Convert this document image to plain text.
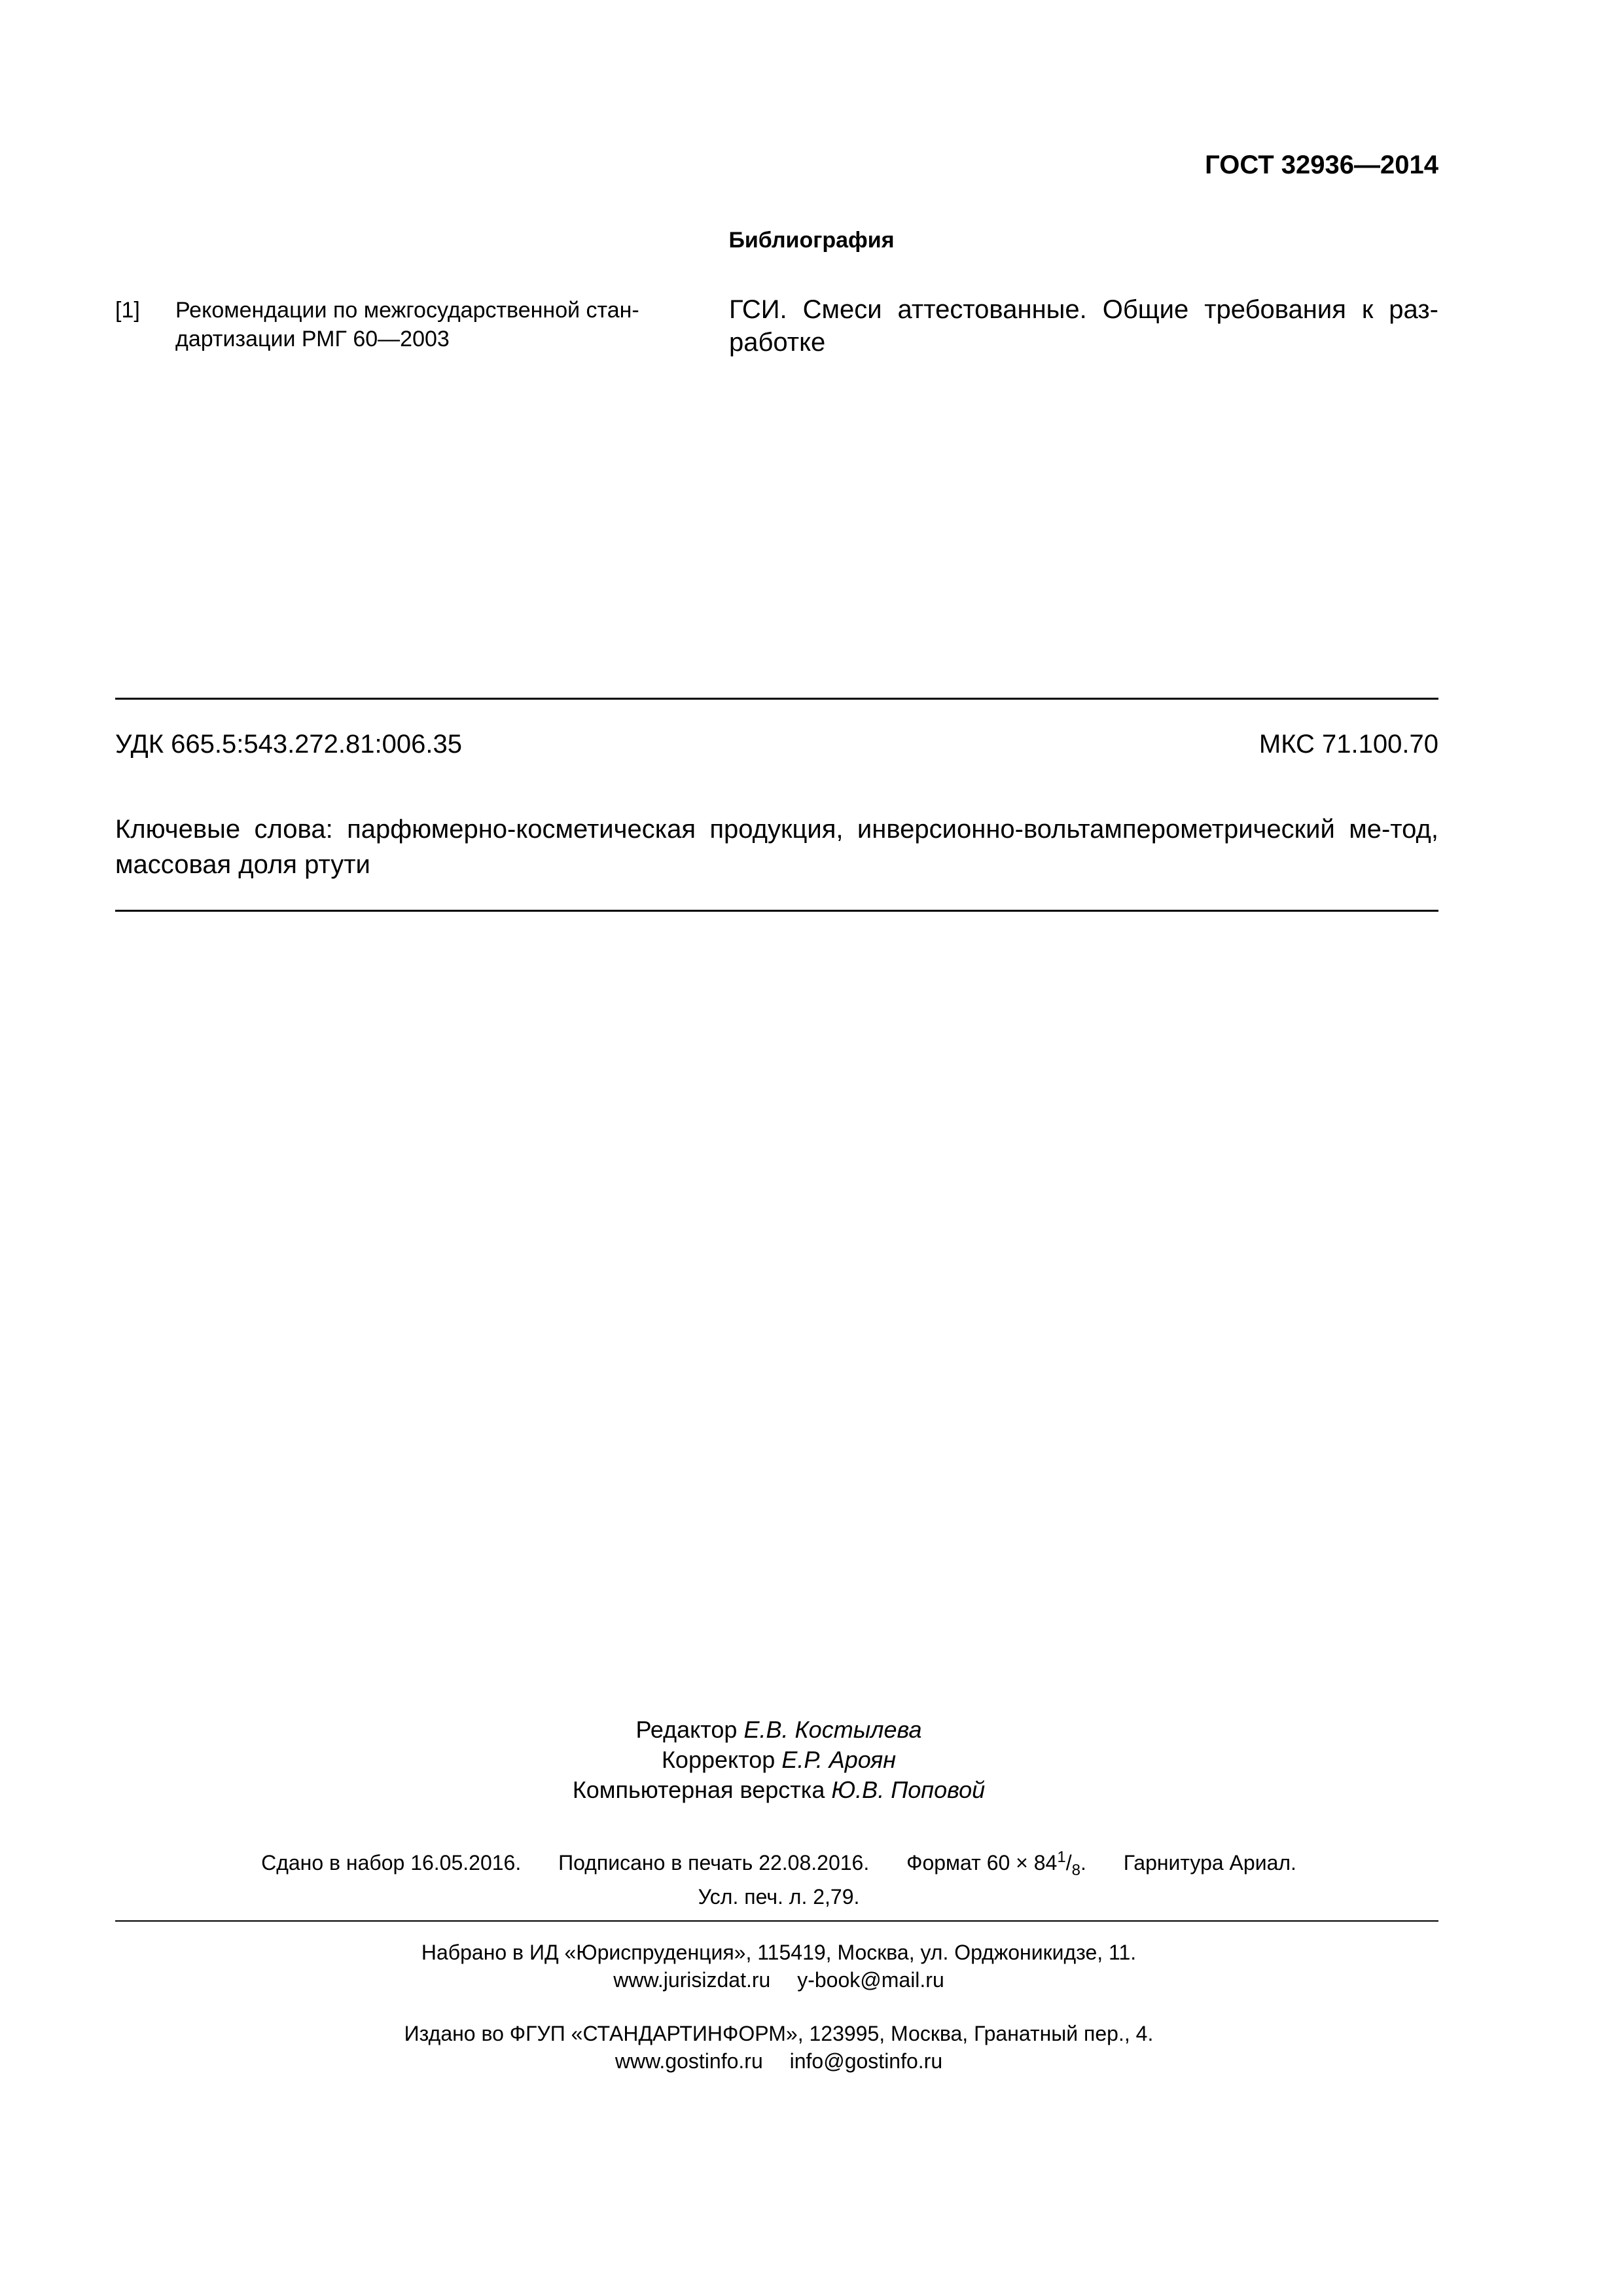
ГОСТ 32936—2014
Библиография
[1] Рекомендации по межгосударственной стан-дартизации РМГ 60—2003
ГСИ. Смеси аттестованные. Общие требования к раз-работке
УДК 665.5:543.272.81:006.35	МКС 71.100.70
Ключевые слова: парфюмерно-косметическая продукция, инверсионно-вольтамперометрический ме-тод, массовая доля ртути
Редактор Е.В. Костылева
Корректор Е.Р. Ароян
Компьютерная верстка Ю.В. Поповой
Сдано в набор 16.05.2016. Подписано в печать 22.08.2016. Формат $60 \times 84^1/_8$. Гарнитура Ариал.
Усл. печ. л. 2,79.
Набрано в ИД «Юриспруденция», 115419, Москва, ул. Орджоникидзе, 11.
www.jurisizdat.ru y-book@mail.ru
Издано во ФГУП «СТАНДАРТИНФОРМ», 123995, Москва, Гранатный пер., 4.
www.gostinfo.ru info@gostinfo.ru
